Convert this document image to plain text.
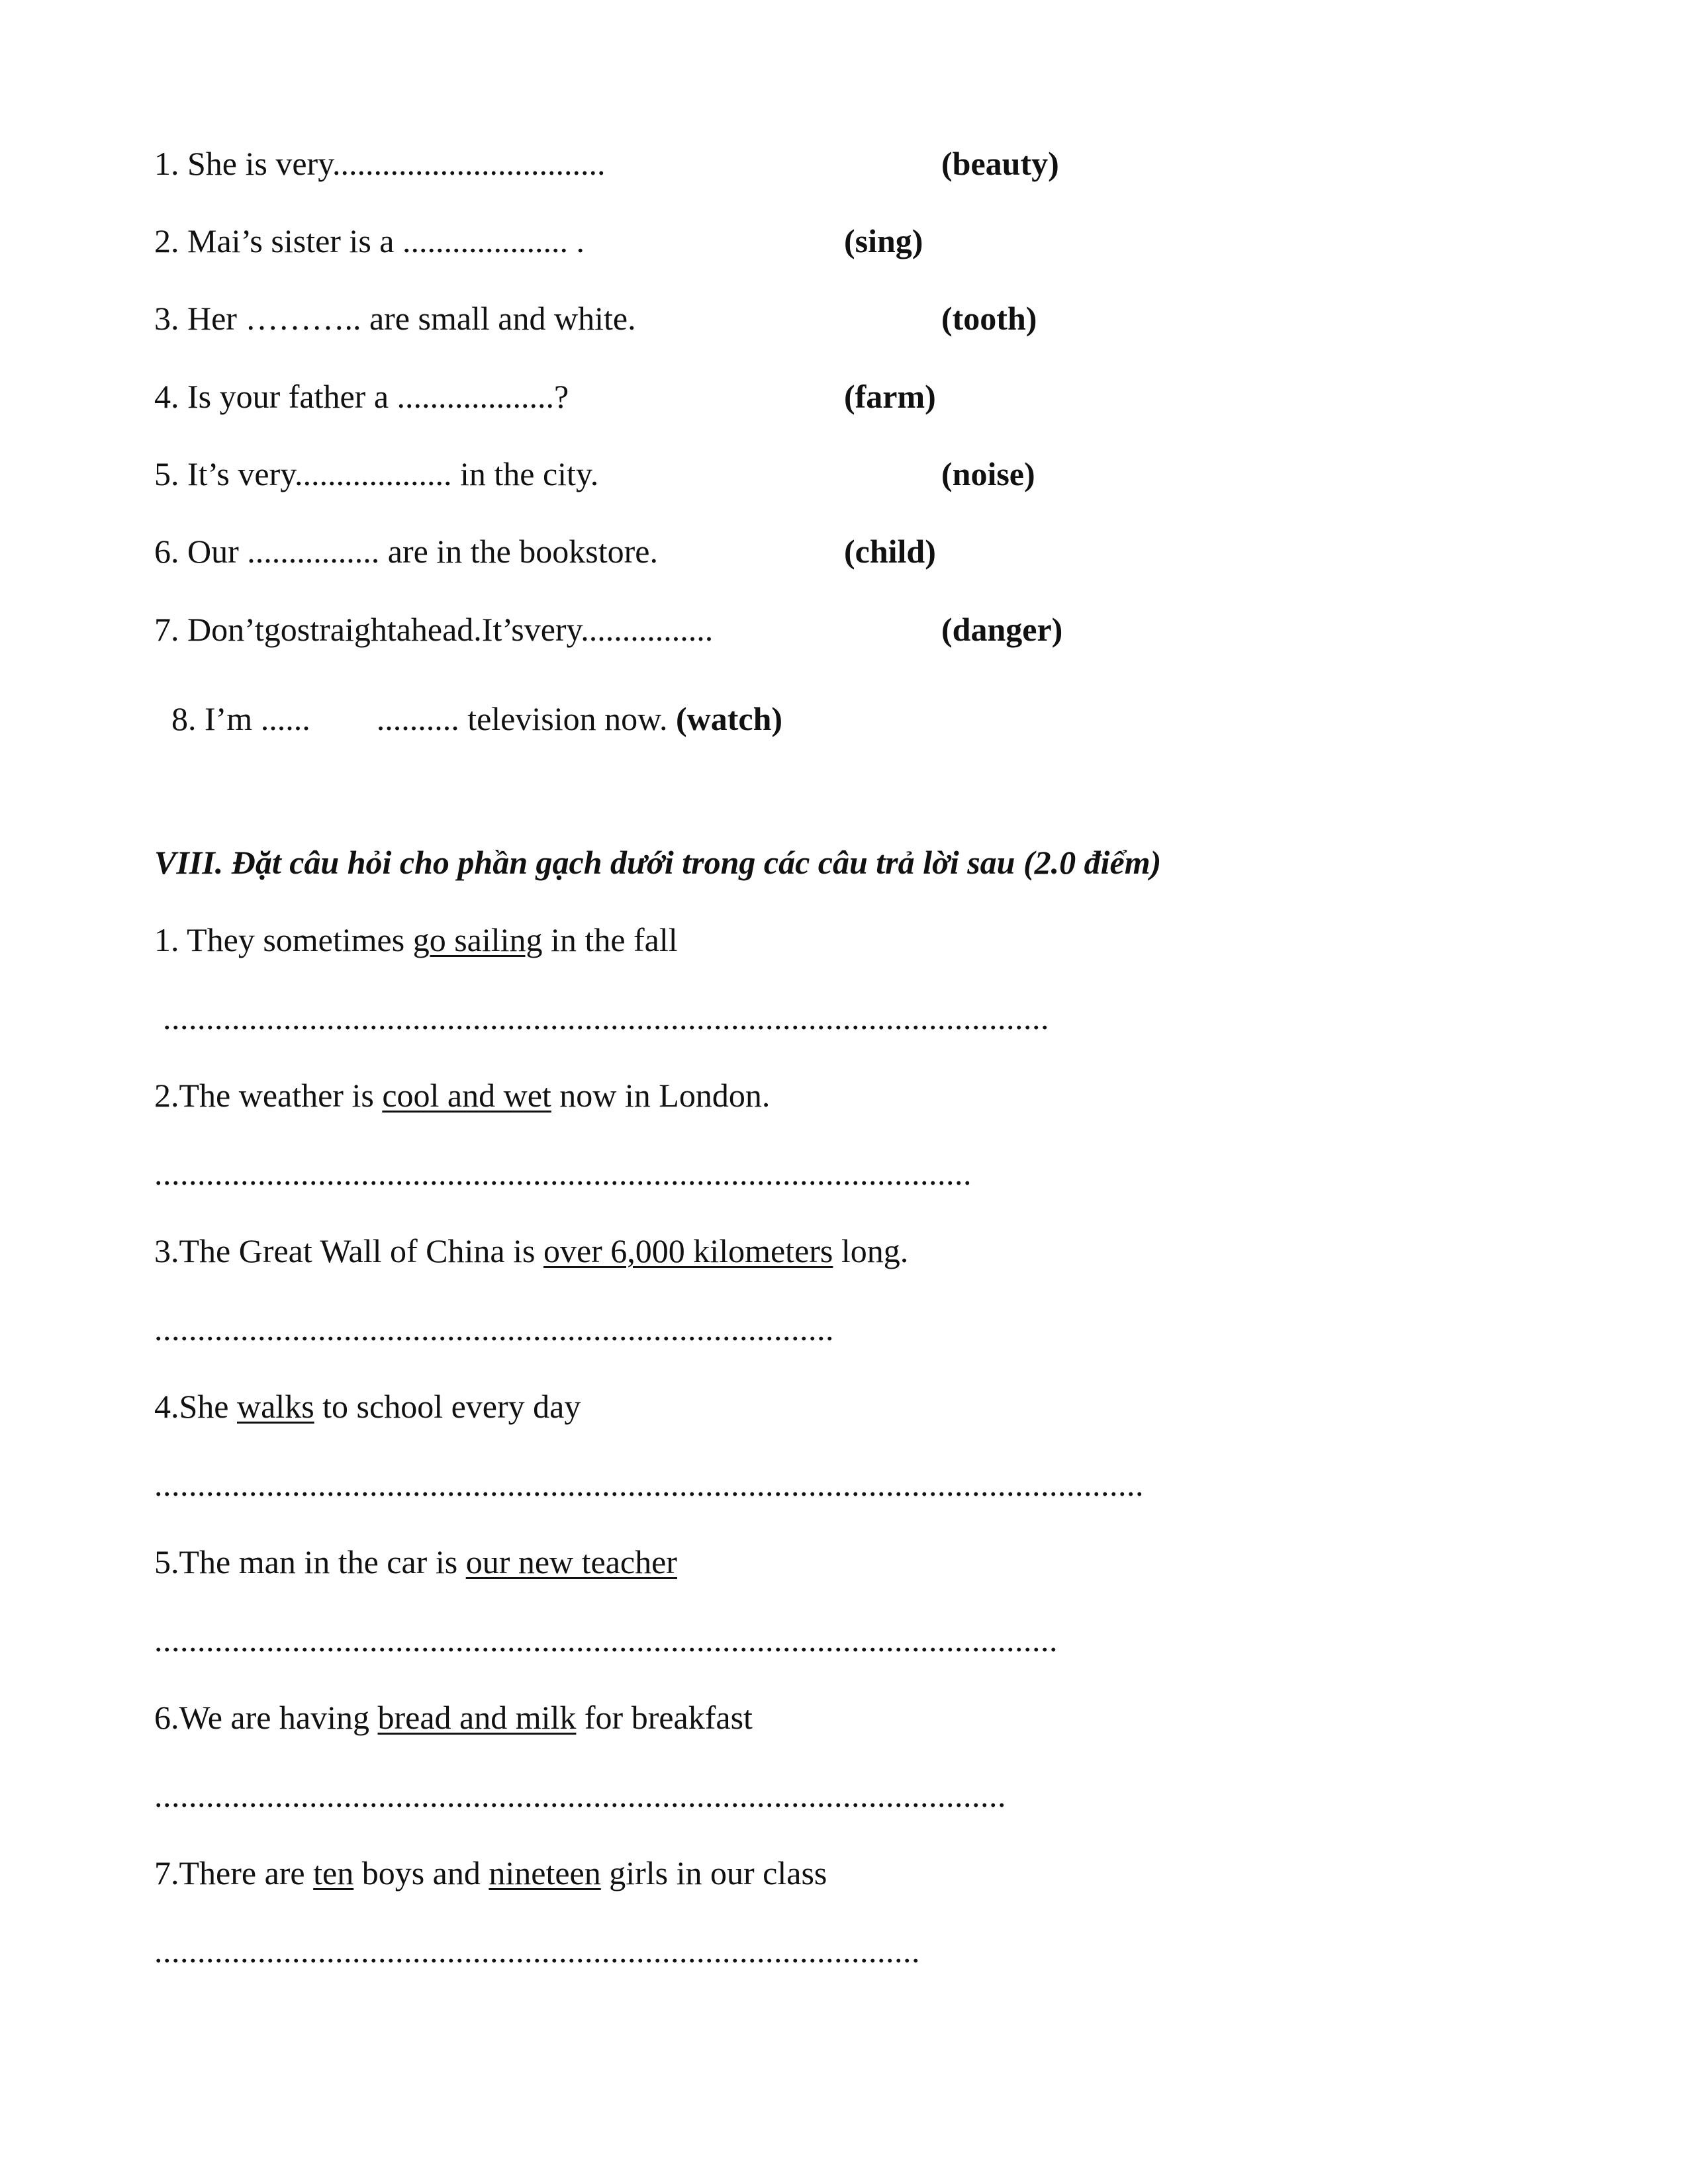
1. She is very.................................	(beauty)
2. Mai’s sister is a .................... .	(sing)
3. Her ……….. are small and white.	(tooth)
4. Is your father a ...................?	(farm)
5. It’s very................... in the city.	(noise)
6. Our ................ are in the bookstore.	(child)
7. Don’tgostraightahead.It’svery................	(danger)

8. I’m ......        .......... television now. (watch)

VIII. Đặt câu hỏi cho phần gạch dưới trong các câu trả lời sau (2.0 điểm)
1. They sometimes go sailing in the fall
.......................................................................................................
2.The weather is cool and wet now in London.
...............................................................................................
3.The Great Wall of China is over 6,000 kilometers long.
...............................................................................
4.She walks to school every day
...................................................................................................................
5.The man in the car is our new teacher
.........................................................................................................
6.We are having bread and milk for breakfast
...................................................................................................
7.There are ten boys and nineteen girls in our class
.........................................................................................
